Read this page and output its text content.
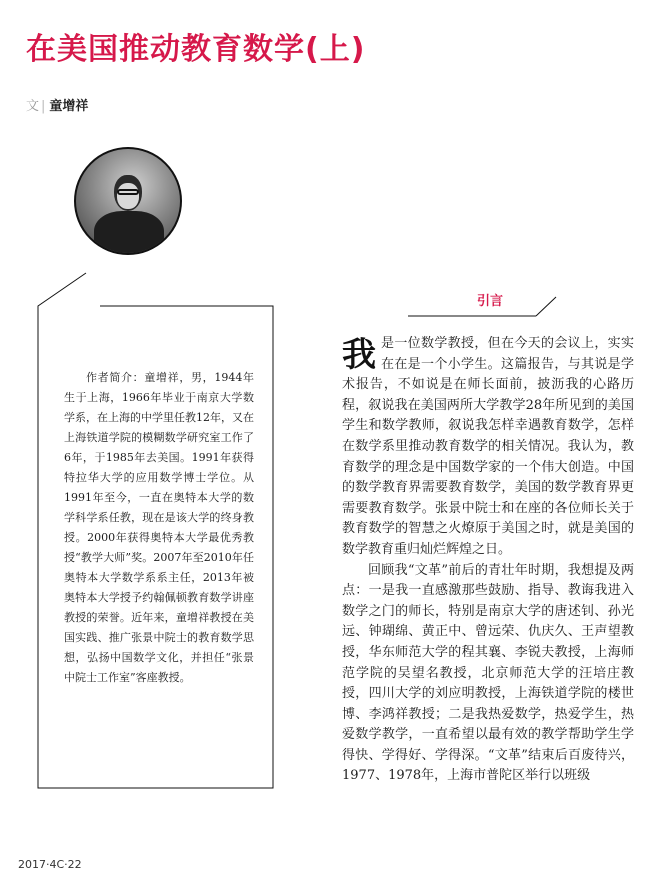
在美国推动教育数学(上)
文 | 童增祥

作者简介：童增祥，男，1944年生于上海，1966年毕业于南京大学数学系，在上海的中学里任教12年，又在上海铁道学院的模糊数学研究室工作了6年，于1985年去美国。1991年获得特拉华大学的应用数学博士学位。从1991年至今，一直在奥特本大学的数学科学系任教，现在是该大学的终身教授。2000年获得奥特本大学最优秀教授“教学大师”奖。2007年至2010年任奥特本大学数学系系主任，2013年被奥特本大学授予约翰佩顿教育数学讲座教授的荣誉。近年来，童增祥教授在美国实践、推广张景中院士的教育数学思想，弘扬中国数学文化，并担任“张景中院士工作室”客座教授。

引言

我是一位数学教授，但在今天的会议上，实实在在是一个小学生。这篇报告，与其说是学术报告，不如说是在师长面前，披沥我的心路历程，叙说我在美国两所大学教学28年所见到的美国学生和数学教师，叙说我怎样幸遇教育数学，怎样在数学系里推动教育数学的相关情况。我认为，教育数学的理念是中国数学家的一个伟大创造。中国的数学教育界需要教育数学，美国的数学教育界更需要教育数学。张景中院士和在座的各位师长关于教育数学的智慧之火燎原于美国之时，就是美国的数学教育重归灿烂辉煌之日。

回顾我“文革”前后的青壮年时期，我想提及两点：一是我一直感激那些鼓励、指导、教诲我进入数学之门的师长，特别是南京大学的唐述钊、孙光远、钟瑚绵、黄正中、曾远荣、仇庆久、王声望教授，华东师范大学的程其襄、李锐夫教授，上海师范学院的吴望名教授，北京师范大学的汪培庄教授，四川大学的刘应明教授，上海铁道学院的楼世博、李鸿祥教授；二是我热爱数学，热爱学生，热爱数学教学，一直希望以最有效的教学帮助学生学得快、学得好、学得深。“文革”结束后百废待兴，1977、1978年，上海市普陀区举行以班级

2017·4C·22
